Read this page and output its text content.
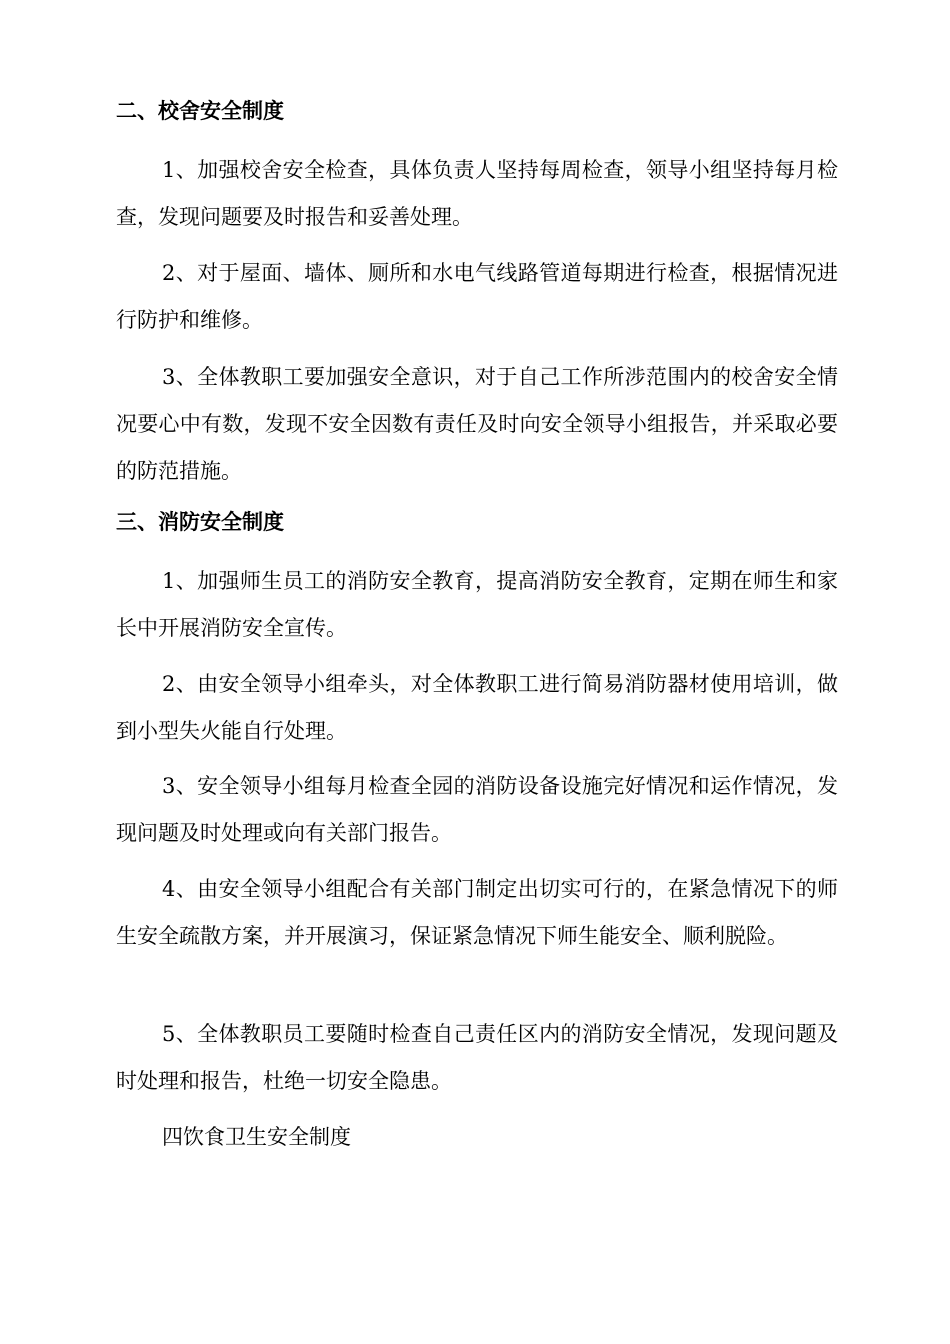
二、校舍安全制度

1、加强校舍安全检查，具体负责人坚持每周检查，领导小组坚持每月检查，发现问题要及时报告和妥善处理。

2、对于屋面、墙体、厕所和水电气线路管道每期进行检查，根据情况进行防护和维修。

3、全体教职工要加强安全意识，对于自己工作所涉范围内的校舍安全情况要心中有数，发现不安全因数有责任及时向安全领导小组报告，并采取必要的防范措施。

三、消防安全制度

1、加强师生员工的消防安全教育，提高消防安全教育，定期在师生和家长中开展消防安全宣传。

2、由安全领导小组牵头，对全体教职工进行简易消防器材使用培训，做到小型失火能自行处理。

3、安全领导小组每月检查全园的消防设备设施完好情况和运作情况，发现问题及时处理或向有关部门报告。

4、由安全领导小组配合有关部门制定出切实可行的，在紧急情况下的师生安全疏散方案，并开展演习，保证紧急情况下师生能安全、顺利脱险。

5、全体教职员工要随时检查自己责任区内的消防安全情况，发现问题及时处理和报告，杜绝一切安全隐患。

四饮食卫生安全制度
